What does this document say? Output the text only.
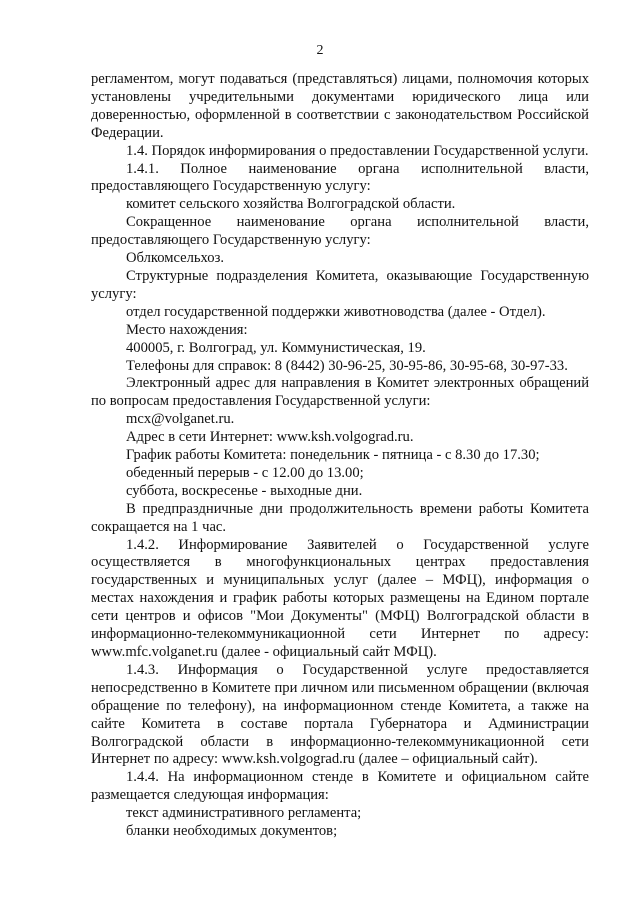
2

регламентом, могут подаваться (представляться) лицами, полномочия которых установлены учредительными документами юридического лица или доверенностью, оформленной в соответствии с законодательством Российской Федерации.

1.4. Порядок информирования о предоставлении Государственной услуги.

1.4.1. Полное наименование органа исполнительной власти, предоставляющего Государственную услугу:

комитет сельского хозяйства Волгоградской области.

Сокращенное наименование органа исполнительной власти, предоставляющего Государственную услугу:

Облкомсельхоз.

Структурные подразделения Комитета, оказывающие Государственную услугу:

отдел государственной поддержки животноводства (далее - Отдел).

Место нахождения:

400005, г. Волгоград, ул. Коммунистическая, 19.

Телефоны для справок: 8 (8442) 30-96-25, 30-95-86, 30-95-68, 30-97-33.

Электронный адрес для направления в Комитет электронных обращений по вопросам предоставления Государственной услуги:

mcx@volganet.ru.

Адрес в сети Интернет: www.ksh.volgograd.ru.

График работы Комитета: понедельник - пятница - с 8.30 до 17.30;

обеденный перерыв - с 12.00 до 13.00;

суббота, воскресенье - выходные дни.

В предпраздничные дни продолжительность времени работы Комитета сокращается на 1 час.

1.4.2. Информирование Заявителей о Государственной услуге осуществляется в многофункциональных центрах предоставления государственных и муниципальных услуг (далее – МФЦ), информация о местах нахождения и график работы которых размещены на Едином портале сети центров и офисов "Мои Документы" (МФЦ) Волгоградской области в информационно-телекоммуникационной сети Интернет по адресу: www.mfc.volganet.ru (далее - официальный сайт МФЦ).

1.4.3. Информация о Государственной услуге предоставляется непосредственно в Комитете при личном или письменном обращении (включая обращение по телефону), на информационном стенде Комитета, а также на сайте Комитета в составе портала Губернатора и Администрации Волгоградской области в информационно-телекоммуникационной сети Интернет по адресу: www.ksh.volgograd.ru (далее – официальный сайт).

1.4.4. На информационном стенде в Комитете и официальном сайте размещается следующая информация:

текст административного регламента;

бланки необходимых документов;
